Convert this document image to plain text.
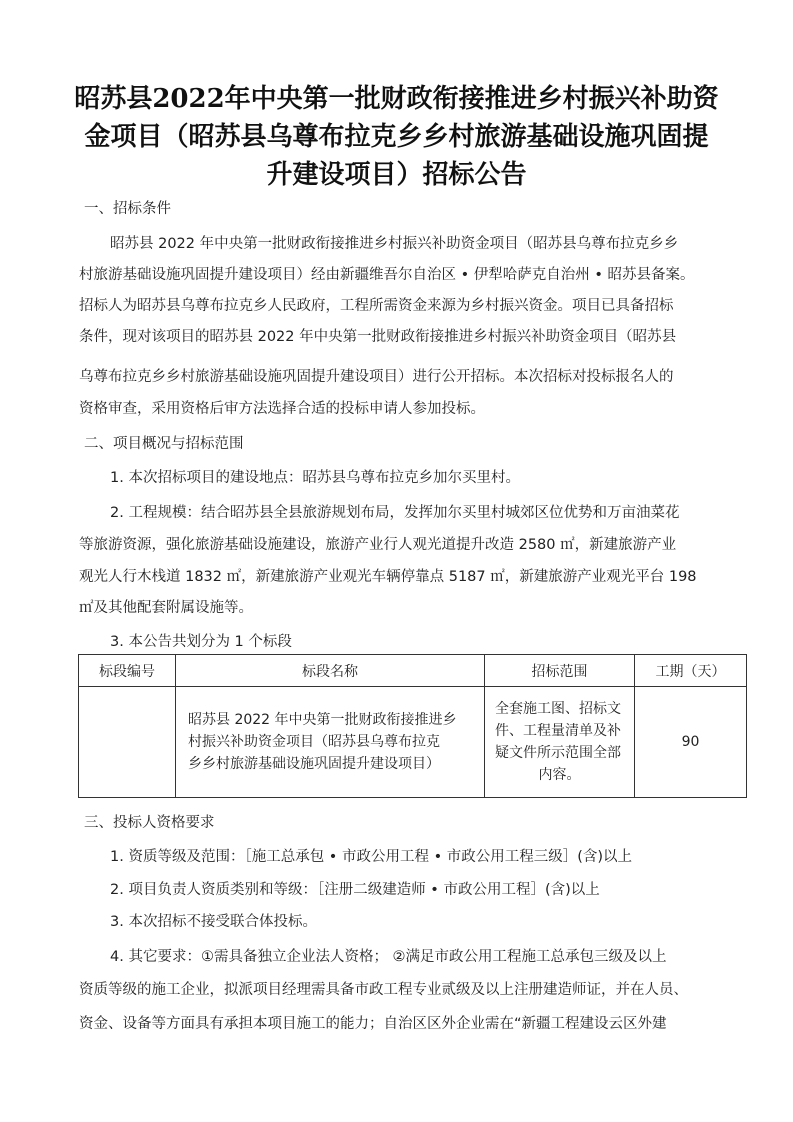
昭苏县2022年中央第一批财政衔接推进乡村振兴补助资
金项目（昭苏县乌尊布拉克乡乡村旅游基础设施巩固提
升建设项目）招标公告
一、招标条件
昭苏县 2022 年中央第一批财政衔接推进乡村振兴补助资金项目（昭苏县乌尊布拉克乡乡
村旅游基础设施巩固提升建设项目）经由新疆维吾尔自治区 • 伊犁哈萨克自治州 • 昭苏县备案。
招标人为昭苏县乌尊布拉克乡人民政府，工程所需资金来源为乡村振兴资金。项目已具备招标
条件，现对该项目的昭苏县 2022 年中央第一批财政衔接推进乡村振兴补助资金项目（昭苏县
乌尊布拉克乡乡村旅游基础设施巩固提升建设项目）进行公开招标。本次招标对投标报名人的
资格审查，采用资格后审方法选择合适的投标申请人参加投标。
二、项目概况与招标范围
1. 本次招标项目的建设地点：昭苏县乌尊布拉克乡加尔买里村。
2. 工程规模：结合昭苏县全县旅游规划布局，发挥加尔买里村城郊区位优势和万亩油菜花
等旅游资源，强化旅游基础设施建设，旅游产业行人观光道提升改造 2580 ㎡，新建旅游产业
观光人行木栈道 1832 ㎡，新建旅游产业观光车辆停靠点 5187 ㎡，新建旅游产业观光平台 198
㎡及其他配套附属设施等。
3. 本公告共划分为 1 个标段
标段编号	标段名称	招标范围	工期（天）

	昭苏县 2022 年中央第一批财政衔接推进乡
村振兴补助资金项目（昭苏县乌尊布拉克
乡乡村旅游基础设施巩固提升建设项目）	全套施工图、招标文
件、工程量清单及补
疑文件所示范围全部
内容。	90
三、投标人资格要求
1. 资质等级及范围：［施工总承包 • 市政公用工程 • 市政公用工程三级］(含)以上
2. 项目负责人资质类别和等级：［注册二级建造师 • 市政公用工程］(含)以上
3. 本次招标不接受联合体投标。
4. 其它要求：①需具备独立企业法人资格； ②满足市政公用工程施工总承包三级及以上
资质等级的施工企业，拟派项目经理需具备市政工程专业贰级及以上注册建造师证，并在人员、
资金、设备等方面具有承担本项目施工的能力；自治区区外企业需在“新疆工程建设云区外建
